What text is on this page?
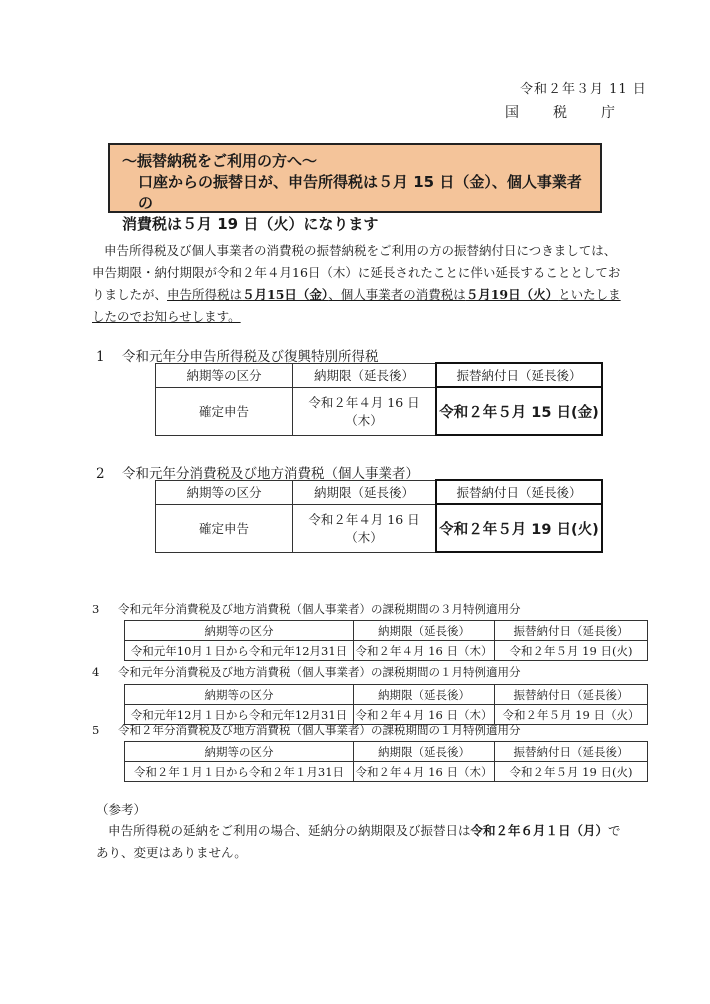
令和２年３月 11 日
国 税 庁
～振替納税をご利用の方へ～
口座からの振替日が、申告所得税は５月 15 日（金）、個人事業者の
消費税は５月 19 日（火）になります
申告所得税及び個人事業者の消費税の振替納税をご利用の方の振替納付日につきましては、申告期限・納付期限が令和２年４月16日（木）に延長されたことに伴い延長することとしておりましたが、申告所得税は５月15日（金）、個人事業者の消費税は５月19日（火）といたしましたのでお知らせします。
1 令和元年分申告所得税及び復興特別所得税
納期等の区分	納期限（延長後）	振替納付日（延長後）
確定申告	令和２年４月 16 日（木）	令和２年５月 15 日(金)
2 令和元年分消費税及び地方消費税（個人事業者）
納期等の区分	納期限（延長後）	振替納付日（延長後）
確定申告	令和２年４月 16 日（木）	令和２年５月 19 日(火)
3 令和元年分消費税及び地方消費税（個人事業者）の課税期間の３月特例適用分
納期等の区分	納期限（延長後）	振替納付日（延長後）
令和元年10月１日から令和元年12月31日	令和２年４月 16 日（木）	令和２年５月 19 日(火)
4 令和元年分消費税及び地方消費税（個人事業者）の課税期間の１月特例適用分
納期等の区分	納期限（延長後）	振替納付日（延長後）
令和元年12月１日から令和元年12月31日	令和２年４月 16 日（木）	令和２年５月 19 日（火）
5 令和２年分消費税及び地方消費税（個人事業者）の課税期間の１月特例適用分
納期等の区分	納期限（延長後）	振替納付日（延長後）
令和２年１月１日から令和２年１月31日	令和２年４月 16 日（木）	令和２年５月 19 日(火)
（参考）
申告所得税の延納をご利用の場合、延納分の納期限及び振替日は令和２年６月１日（月）であり、変更はありません。
